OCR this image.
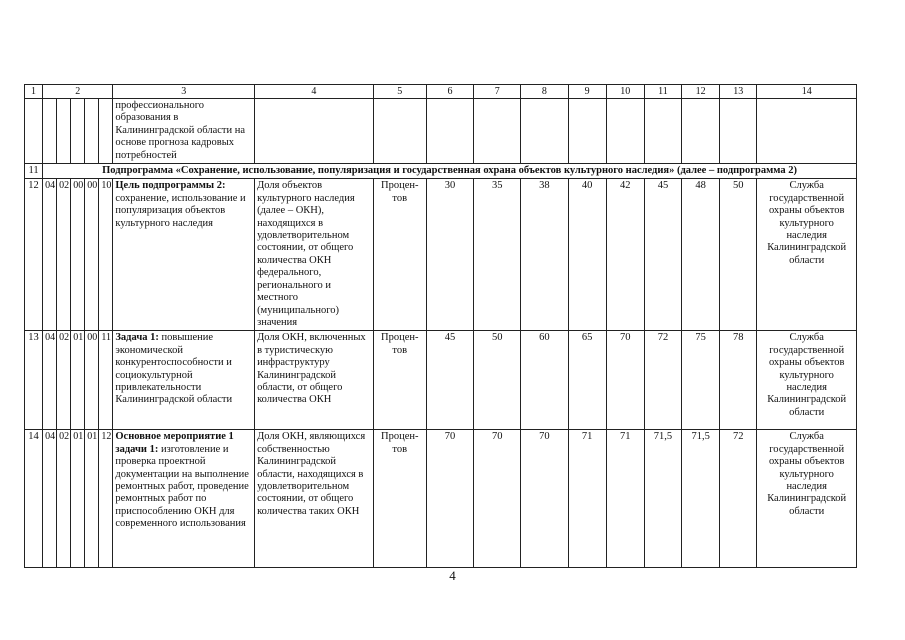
1	2					3	4	5	6	7	8	9	10	11	12	13	14
						профессионального образования в Калининградской области на основе прогноза кадровых потребностей											
11	Подпрограмма «Сохранение, использование, популяризация и государственная охрана объектов культурного наследия» (далее – подпрограмма 2)																
12	04	02	00	00	10	Цель подпрограммы 2: сохранение, использование и популяризация объектов культурного наследия	Доля объектов культурного наследия (далее – ОКН), находящихся в удовлетворительном состоянии, от общего количества ОКН федерального, регионального и местного (муниципального) значения	Процен-тов	30	35	38	40	42	45	48	50	Служба государственной охраны объектов культурного наследия Калининградской области
13	04	02	01	00	11	Задача 1: повышение экономической конкурентоспособности и социокультурной привлекательности Калининградской области	Доля ОКН, включенных в туристическую инфраструктуру Калининградской области, от общего количества ОКН	Процен-тов	45	50	60	65	70	72	75	78	Служба государственной охраны объектов культурного наследия Калининградской области
14	04	02	01	01	12	Основное мероприятие 1 задачи 1: изготовление и проверка проектной документации на выполнение ремонтных работ, проведение ремонтных работ по приспособлению ОКН для современного использования	Доля ОКН, являющихся собственностью Калининградской области, находящихся в удовлетворительном состоянии, от общего количества таких ОКН	Процен-тов	70	70	70	71	71	71,5	71,5	72	Служба государственной охраны объектов культурного наследия Калининградской области
4
